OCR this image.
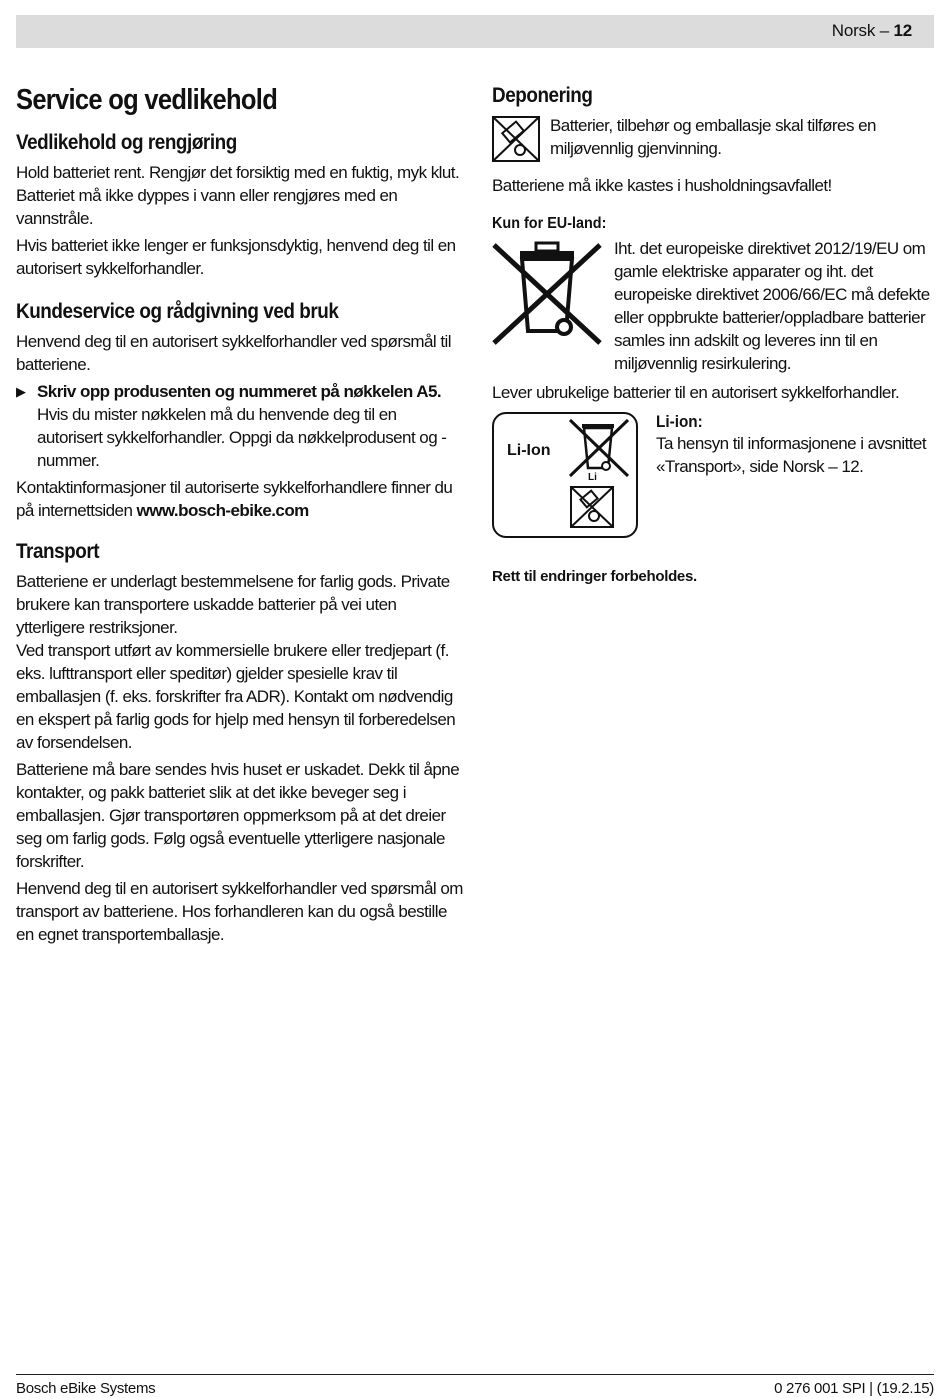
Norsk – 12
Service og vedlikehold
Vedlikehold og rengjøring

Hold batteriet rent. Rengjør det forsiktig med en fuktig, myk klut. Batteriet må ikke dyppes i vann eller rengjøres med en vannstråle.

Hvis batteriet ikke lenger er funksjonsdyktig, henvend deg til en autorisert sykkelforhandler.

Kundeservice og rådgivning ved bruk

Henvend deg til en autorisert sykkelforhandler ved spørsmål til batteriene.

▶ Skriv opp produsenten og nummeret på nøkkelen A5.
Hvis du mister nøkkelen må du henvende deg til en autorisert sykkelforhandler. Oppgi da nøkkelprodusent og -nummer.

Kontaktinformasjoner til autoriserte sykkelforhandlere finner du på internettsiden www.bosch-ebike.com

Transport

Batteriene er underlagt bestemmelsene for farlig gods. Private brukere kan transportere uskadde batterier på vei uten ytterligere restriksjoner.

Ved transport utført av kommersielle brukere eller tredjepart (f. eks. lufttransport eller speditør) gjelder spesielle krav til emballasjen (f. eks. forskrifter fra ADR). Kontakt om nødvendig en ekspert på farlig gods for hjelp med hensyn til forberedelsen av forsendelsen.

Batteriene må bare sendes hvis huset er uskadet. Dekk til åpne kontakter, og pakk batteriet slik at det ikke beveger seg i emballasjen. Gjør transportøren oppmerksom på at det dreier seg om farlig gods. Følg også eventuelle ytterligere nasjonale forskrifter.

Henvend deg til en autorisert sykkelforhandler ved spørsmål om transport av batteriene. Hos forhandleren kan du også bestille en egnet transportemballasje.

Deponering

Batterier, tilbehør og emballasje skal tilføres en miljøvennlig gjenvinning.

Batteriene må ikke kastes i husholdningsavfallet!

Kun for EU-land:

Iht. det europeiske direktivet 2012/19/EU om gamle elektriske apparater og iht. det europeiske direktivet 2006/66/EC må defekte eller oppbrukte batterier/oppladbare batterier samles inn adskilt og leveres inn til en miljøvennlig resirkulering.

Lever ubrukelige batterier til en autorisert sykkelforhandler.

Li-Ion
Li
Li-ion:

Ta hensyn til informasjonene i avsnittet «Transport», side Norsk – 12.

Rett til endringer forbeholdes.
Bosch eBike Systems	0 276 001 SPI | (19.2.15)
